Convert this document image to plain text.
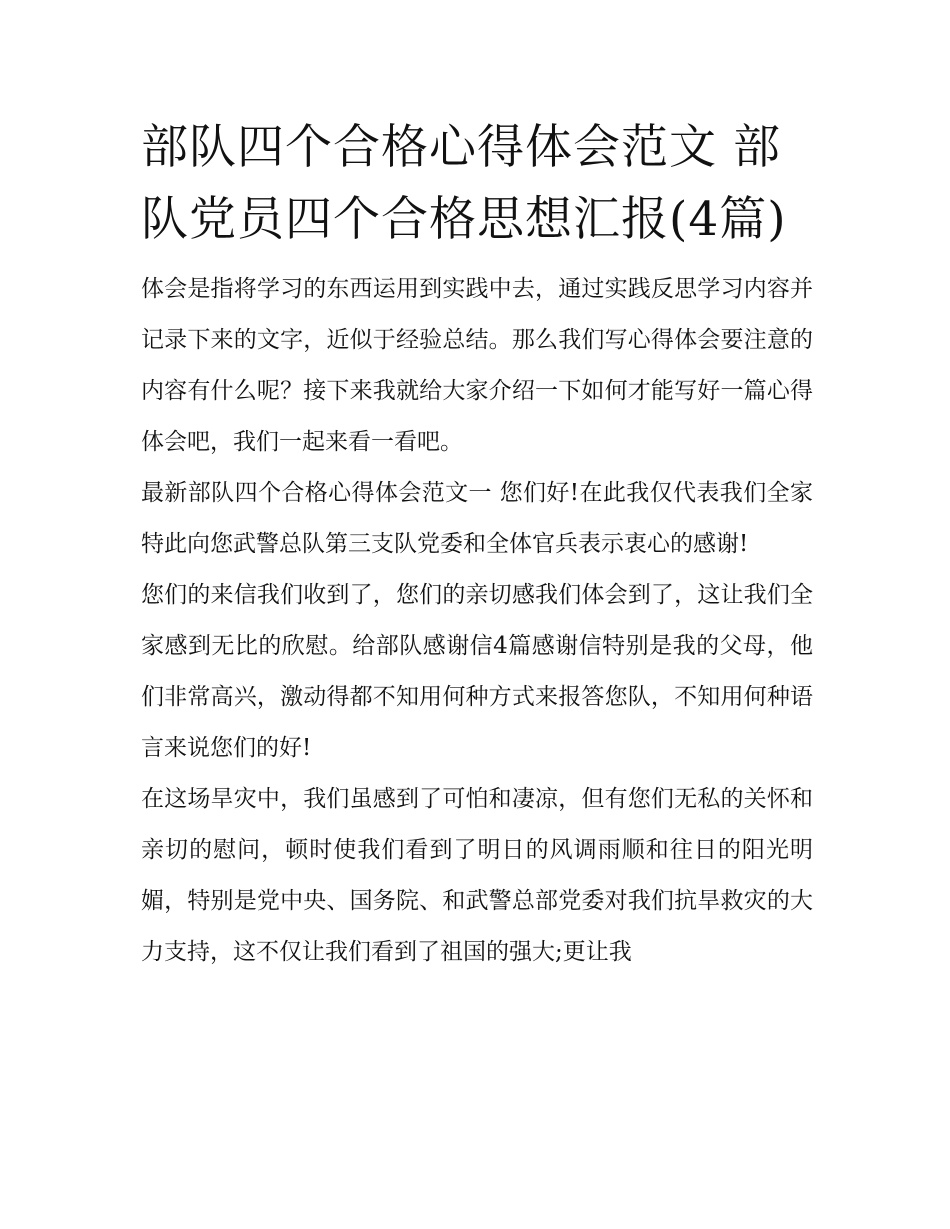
部队四个合格心得体会范文 部队党员四个合格思想汇报(4篇)

体会是指将学习的东西运用到实践中去，通过实践反思学习内容并记录下来的文字，近似于经验总结。那么我们写心得体会要注意的内容有什么呢？接下来我就给大家介绍一下如何才能写好一篇心得体会吧，我们一起来看一看吧。

最新部队四个合格心得体会范文一 您们好!在此我仅代表我们全家特此向您武警总队第三支队党委和全体官兵表示衷心的感谢!

您们的来信我们收到了，您们的亲切感我们体会到了，这让我们全家感到无比的欣慰。给部队感谢信4篇感谢信特别是我的父母，他们非常高兴，激动得都不知用何种方式来报答您队，不知用何种语言来说您们的好!

在这场旱灾中，我们虽感到了可怕和凄凉，但有您们无私的关怀和亲切的慰问，顿时使我们看到了明日的风调雨顺和往日的阳光明媚，特别是党中央、国务院、和武警总部党委对我们抗旱救灾的大力支持，这不仅让我们看到了祖国的强大;更让我
